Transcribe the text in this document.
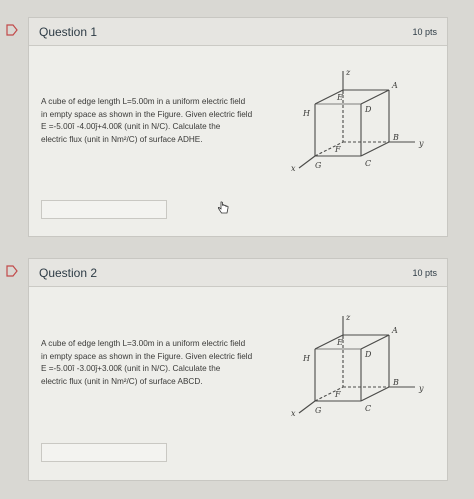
Question 1	10 pts
A cube of edge length L=5.00m in a uniform electric field
in empty space as shown in the Figure. Given electric field
E =-5.00î -4.00ĵ+4.00k̂ (unit in N/C). Calculate the
electric flux (unit in Nm²/C) of surface ADHE.
z
y
x
A
B
C
D
E
F
G
H
Question 2	10 pts
A cube of edge length L=3.00m in a uniform electric field
in empty space as shown in the Figure. Given electric field
E =-5.00î -3.00ĵ+3.00k̂ (unit in N/C). Calculate the
electric flux (unit in Nm²/C) of surface ABCD.
z
y
x
A
B
C
D
E
F
G
H
